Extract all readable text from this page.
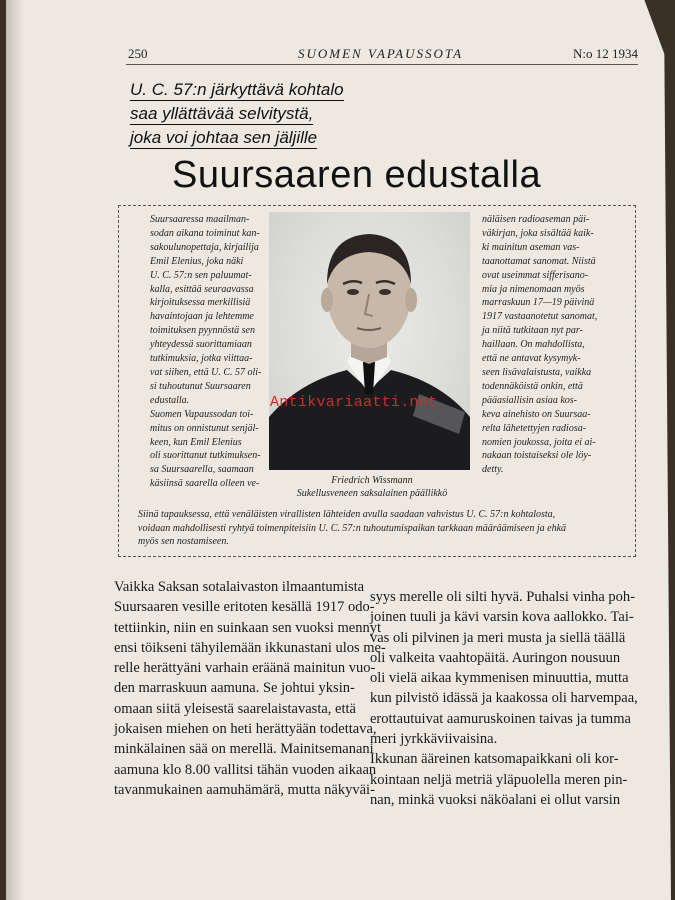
250	SUOMEN VAPAUSSOTA	N:o 12 1934
U. C. 57:n järkyttävä kohtalo
saa yllättävää selvitystä,
joka voi johtaa sen jäljille
Suursaaren edustalla
Suursaaressa maailman-
sodan aikana toiminut kan-
sakoulunopettaja, kirjailija
Emil Elenius, joka näki
U. C. 57:n sen paluumat-
kalla, esittää seuraavassa
kirjoituksessa merkillisiä
havaintojaan ja lehtemme
toimituksen pyynnöstä sen
yhteydessä suorittamiaan
tutkimuksia, jotka viittaa-
vat siihen, että U. C. 57 oli-
si tuhoutunut Suursaaren
edustalla.
Suomen Vapaussodan toi-
mitus on onnistunut senjäl-
keen, kun Emil Elenius
oli suorittanut tutkimuksen-
sa Suursaarella, saamaan
käsiinsä saarella olleen ve-	Friedrich Wissmann
Sukellusveneen saksalainen päällikkö
näläisen radioaseman päi-
väkirjan, joka sisältää kaik-
ki mainitun aseman vas-
taanottamat sanomat. Niistä
ovat useimmat sifferisano-
mia ja nimenomaan myös
marraskuun 17—19 päivinä
1917 vastaanotetut sanomat,
ja niitä tutkitaan nyt par-
haillaan. On mahdollista,
että ne antavat kysymyk-
seen lisävalaistusta, vaikka
todennäköistä onkin, että
pääasiallisin asiaa kos-
keva ainehisto on Suursaa-
relta lähetettyjen radiosa-
nomien joukossa, joita ei ai-
nakaan toistaiseksi ole löy-
detty.
Siinä tapauksessa, että venäläisten virallisten lähteiden avulla saadaan vahvistus U. C. 57:n kohtalosta,
voidaan mahdollisesti ryhtyä toimenpiteisiin U. C. 57:n tuhoutumispaikan tarkkaan määräämiseen ja ehkä
myös sen nostamiseen.
Vaikka Saksan sotalaivaston ilmaantumista
Suursaaren vesille eritoten kesällä 1917 odo-
tettiinkin, niin en suinkaan sen vuoksi mennyt
ensi töikseni tähyilemään ikkunastani ulos me-
relle herättyäni varhain eräänä mainitun vuo-
den marraskuun aamuna. Se johtui yksin-
omaan siitä yleisestä saarelaistavasta, että
jokaisen miehen on heti herättyään todettava,
minkälainen sää on merellä. Mainitsemanani
aamuna klo 8.00 vallitsi tähän vuoden aikaan
tavanmukainen aamuhämärä, mutta näkyväi-
syys merelle oli silti hyvä. Puhalsi vinha poh-
joinen tuuli ja kävi varsin kova aallokko. Tai-
vas oli pilvinen ja meri musta ja siellä täällä
oli valkeita vaahtopäitä. Auringon nousuun
oli vielä aikaa kymmenisen minuuttia, mutta
kun pilvistö idässä ja kaakossa oli harvempaa,
erottautuivat aamuruskoinen taivas ja tumma
meri jyrkkäviivaisina.
Ikkunan ääreinen katsomapaikkani oli kor-
kointaan neljä metriä yläpuolella meren pin-
nan, minkä vuoksi näköalani ei ollut varsin
Antikvariaatti.net
